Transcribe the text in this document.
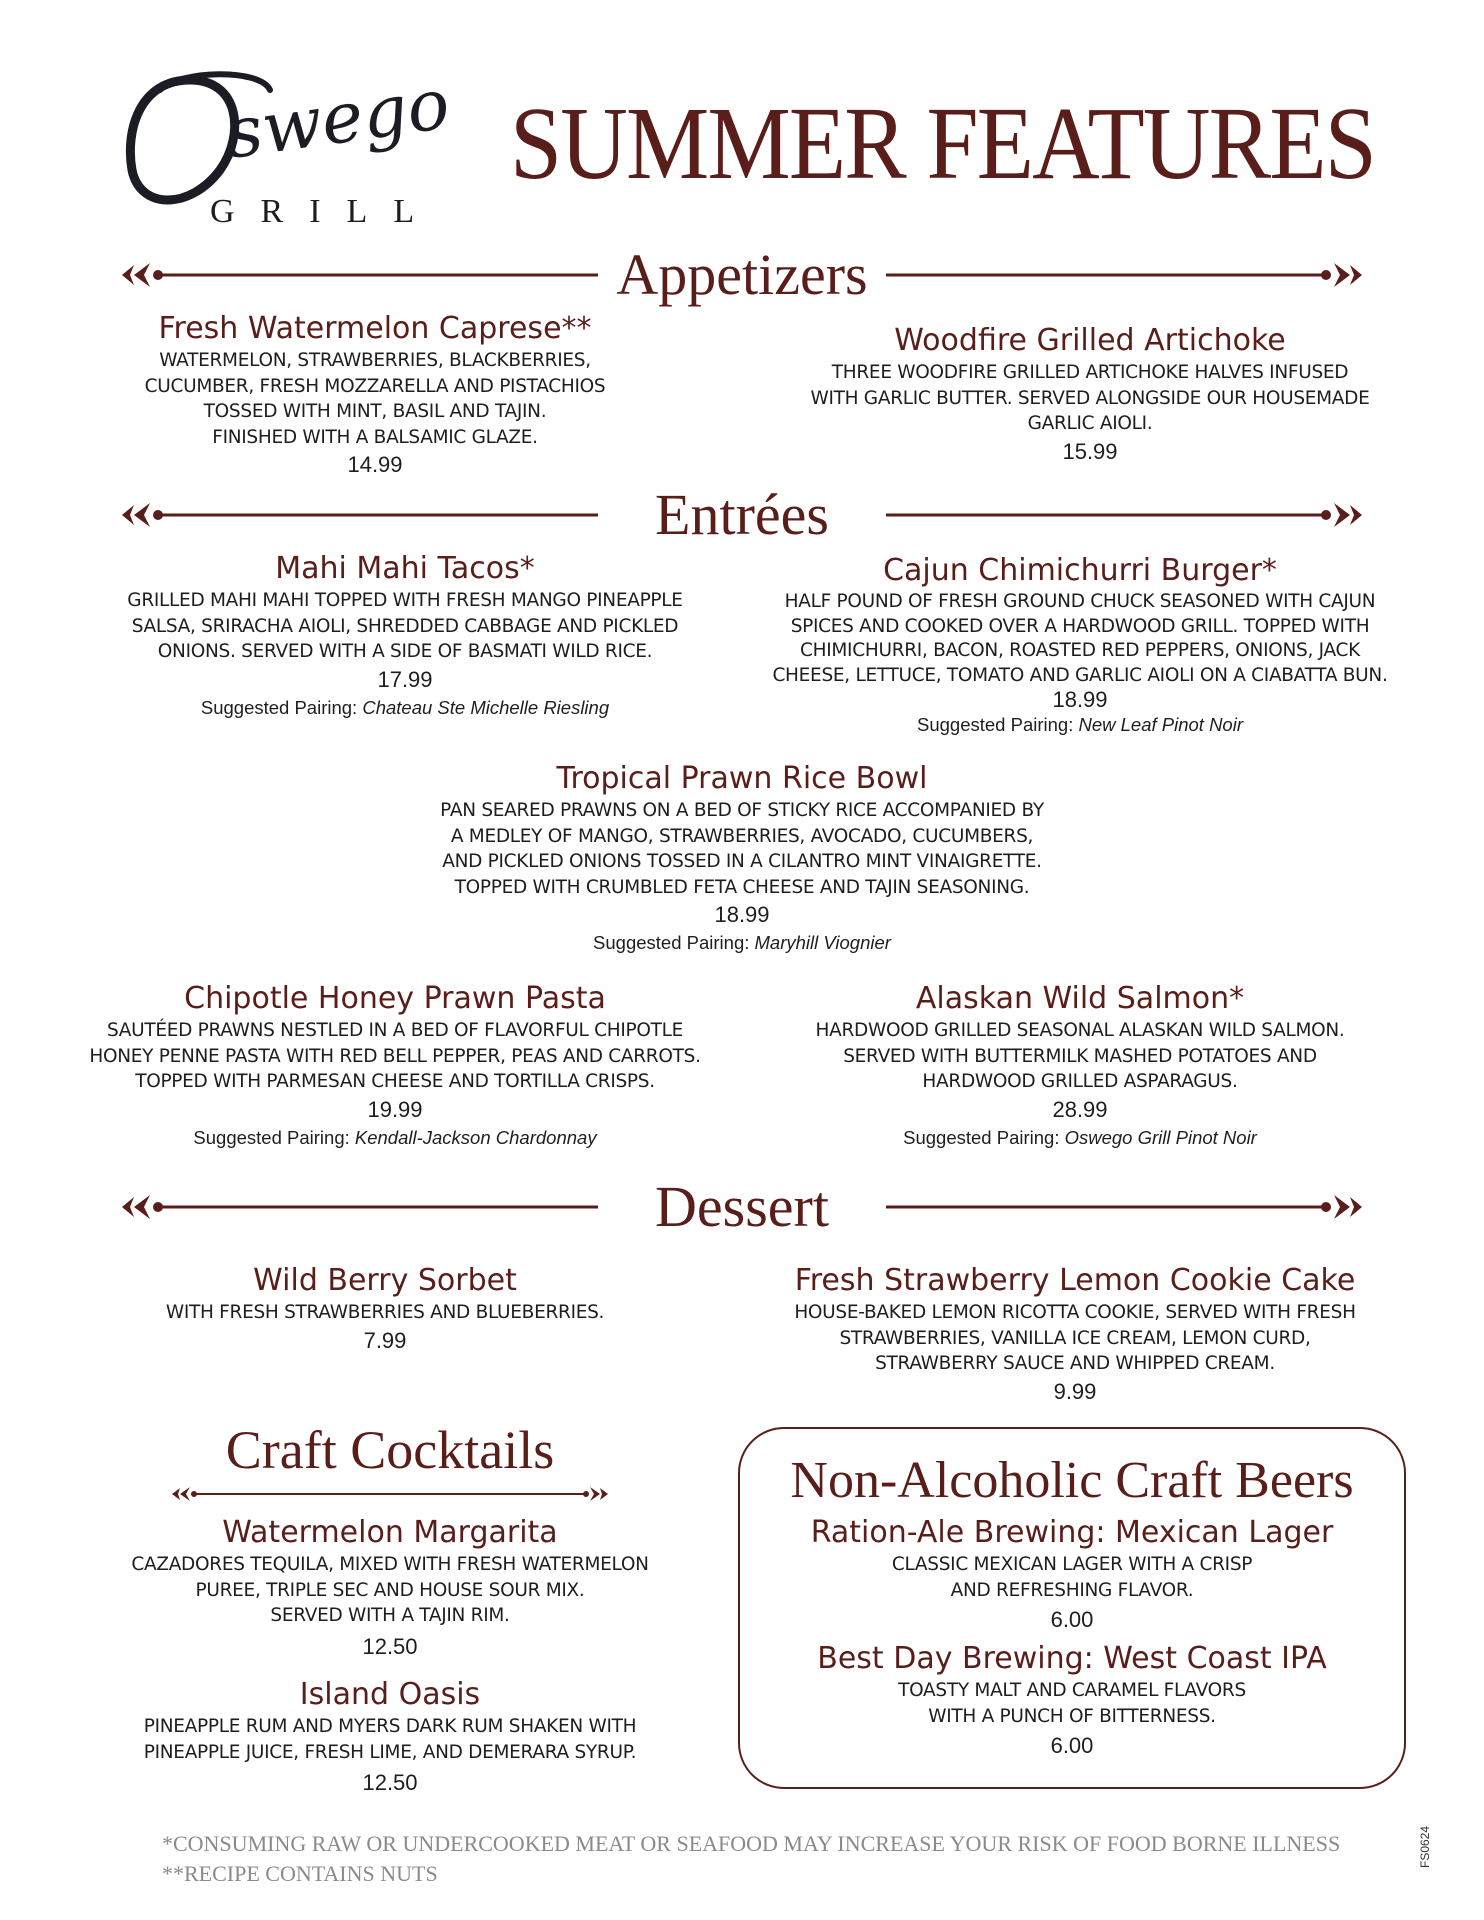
swego
GRILL
SUMMER FEATURES
Appetizers
Fresh Watermelon Caprese**
WATERMELON, STRAWBERRIES, BLACKBERRIES,
CUCUMBER, FRESH MOZZARELLA AND PISTACHIOS
TOSSED WITH MINT, BASIL AND TAJIN.
FINISHED WITH A BALSAMIC GLAZE.
14.99
Woodfire Grilled Artichoke
THREE WOODFIRE GRILLED ARTICHOKE HALVES INFUSED
WITH GARLIC BUTTER. SERVED ALONGSIDE OUR HOUSEMADE
GARLIC AIOLI.
15.99
Entrées
Mahi Mahi Tacos*
GRILLED MAHI MAHI TOPPED WITH FRESH MANGO PINEAPPLE
SALSA, SRIRACHA AIOLI, SHREDDED CABBAGE AND PICKLED
ONIONS. SERVED WITH A SIDE OF BASMATI WILD RICE.
17.99
Suggested Pairing: Chateau Ste Michelle Riesling
Cajun Chimichurri Burger*
HALF POUND OF FRESH GROUND CHUCK SEASONED WITH CAJUN
SPICES AND COOKED OVER A HARDWOOD GRILL. TOPPED WITH
CHIMICHURRI, BACON, ROASTED RED PEPPERS, ONIONS, JACK
CHEESE, LETTUCE, TOMATO AND GARLIC AIOLI ON A CIABATTA BUN.
18.99
Suggested Pairing: New Leaf Pinot Noir
Tropical Prawn Rice Bowl
PAN SEARED PRAWNS ON A BED OF STICKY RICE ACCOMPANIED BY
A MEDLEY OF MANGO, STRAWBERRIES, AVOCADO, CUCUMBERS,
AND PICKLED ONIONS TOSSED IN A CILANTRO MINT VINAIGRETTE.
TOPPED WITH CRUMBLED FETA CHEESE AND TAJIN SEASONING.
18.99
Suggested Pairing: Maryhill Viognier
Chipotle Honey Prawn Pasta
SAUTÉED PRAWNS NESTLED IN A BED OF FLAVORFUL CHIPOTLE
HONEY PENNE PASTA WITH RED BELL PEPPER, PEAS AND CARROTS.
TOPPED WITH PARMESAN CHEESE AND TORTILLA CRISPS.
19.99
Suggested Pairing: Kendall-Jackson Chardonnay
Alaskan Wild Salmon*
HARDWOOD GRILLED SEASONAL ALASKAN WILD SALMON.
SERVED WITH BUTTERMILK MASHED POTATOES AND
HARDWOOD GRILLED ASPARAGUS.
28.99
Suggested Pairing: Oswego Grill Pinot Noir
Dessert
Wild Berry Sorbet
WITH FRESH STRAWBERRIES AND BLUEBERRIES.
7.99
Fresh Strawberry Lemon Cookie Cake
HOUSE-BAKED LEMON RICOTTA COOKIE, SERVED WITH FRESH
STRAWBERRIES, VANILLA ICE CREAM, LEMON CURD,
STRAWBERRY SAUCE AND WHIPPED CREAM.
9.99
Craft Cocktails
Watermelon Margarita
CAZADORES TEQUILA, MIXED WITH FRESH WATERMELON
PUREE, TRIPLE SEC AND HOUSE SOUR MIX.
SERVED WITH A TAJIN RIM.
12.50
Island Oasis
PINEAPPLE RUM AND MYERS DARK RUM SHAKEN WITH
PINEAPPLE JUICE, FRESH LIME, AND DEMERARA SYRUP.
12.50
Non-Alcoholic Craft Beers
Ration-Ale Brewing: Mexican Lager
CLASSIC MEXICAN LAGER WITH A CRISP
AND REFRESHING FLAVOR.
6.00
Best Day Brewing: West Coast IPA
TOASTY MALT AND CARAMEL FLAVORS
WITH A PUNCH OF BITTERNESS.
6.00
*CONSUMING RAW OR UNDERCOOKED MEAT OR SEAFOOD MAY INCREASE YOUR RISK OF FOOD BORNE ILLNESS
**RECIPE CONTAINS NUTS
FS0624
